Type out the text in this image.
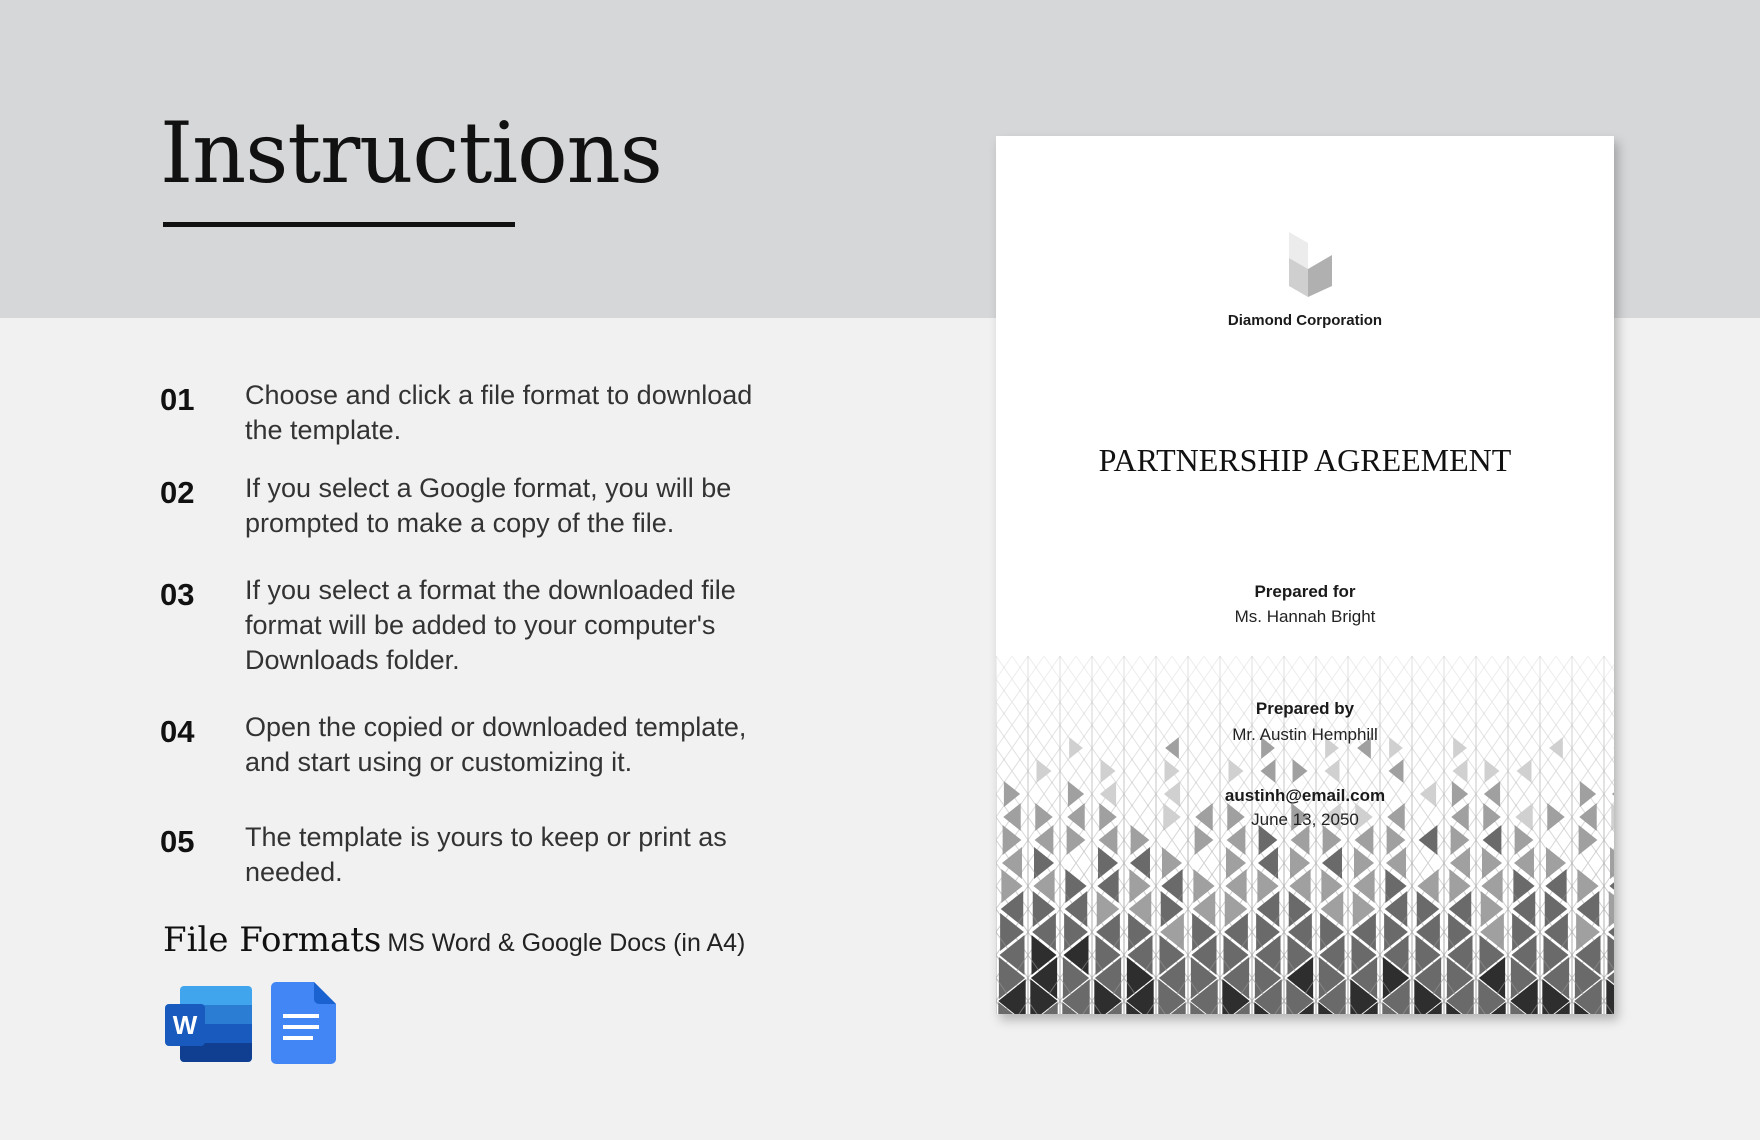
Instructions
01 Choose and click a file format to download the template.
02 If you select a Google format, you will be prompted to make a copy of the file.
03 If you select a format the downloaded file format will be added to your computer's Downloads folder.
04 Open the copied or downloaded template, and start using or customizing it.
05 The template is yours to keep or print as needed.
File Formats MS Word & Google Docs (in A4)
W
Diamond Corporation
PARTNERSHIP AGREEMENT
Prepared for
Ms. Hannah Bright
Prepared by
Mr. Austin Hemphill
austinh@email.com
June 13, 2050
